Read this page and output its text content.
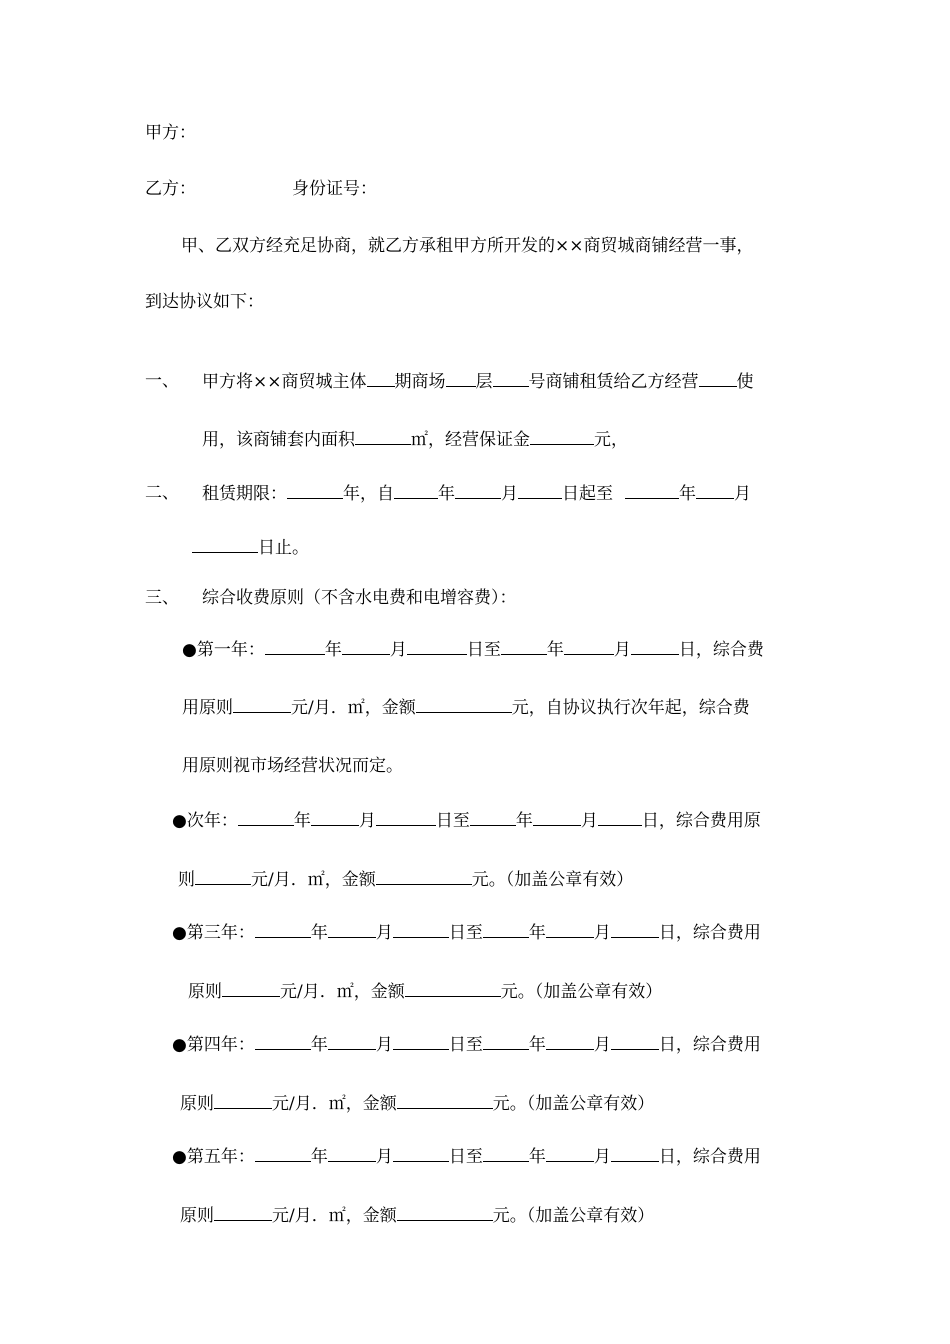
甲方：
乙方：	身份证号：
甲、乙双方经充足协商，就乙方承租甲方所开发的××商贸城商铺经营一事，
到达协议如下：
一、 甲方将××商贸城主体 期商场 层 号商铺租赁给乙方经营 使
用，该商铺套内面积	㎡，经营保证金	元，
二、 租赁期限：	年，自	年	月	日起至	年 月
日止。
三、 综合收费原则（不含水电费和电增容费）：
●第一年：	年	月	日至	年	月	日，综合费
用原则	元/月．㎡，金额	元，自协议执行次年起，综合费
用原则视市场经营状况而定。
●次年：	年	月	日至	年	月	日，综合费用原
则	元/月．㎡，金额	元。（加盖公章有效）
●第三年：	年	月	日至	年	月	日，综合费用
原则	元/月．㎡，金额	元。（加盖公章有效）
●第四年：	年	月	日至	年	月	日，综合费用
原则	元/月．㎡，金额	元。（加盖公章有效）
●第五年：	年	月	日至	年	月	日，综合费用
原则	元/月．㎡，金额	元。（加盖公章有效）
